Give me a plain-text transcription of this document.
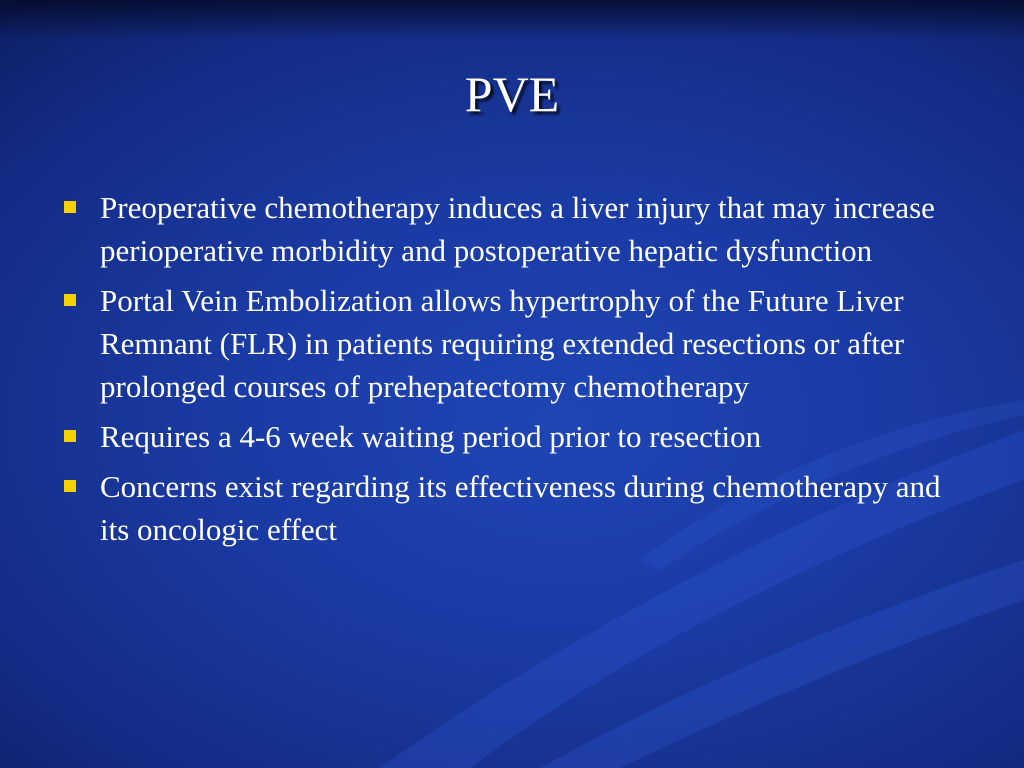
PVE
Preoperative chemotherapy induces a liver injury that may increase perioperative morbidity and postoperative hepatic dysfunction
Portal Vein Embolization allows hypertrophy of the Future Liver Remnant (FLR) in patients requiring extended resections or after prolonged courses of prehepatectomy chemotherapy
Requires a 4-6 week waiting period prior to resection
Concerns exist regarding its effectiveness during chemotherapy and its oncologic effect
